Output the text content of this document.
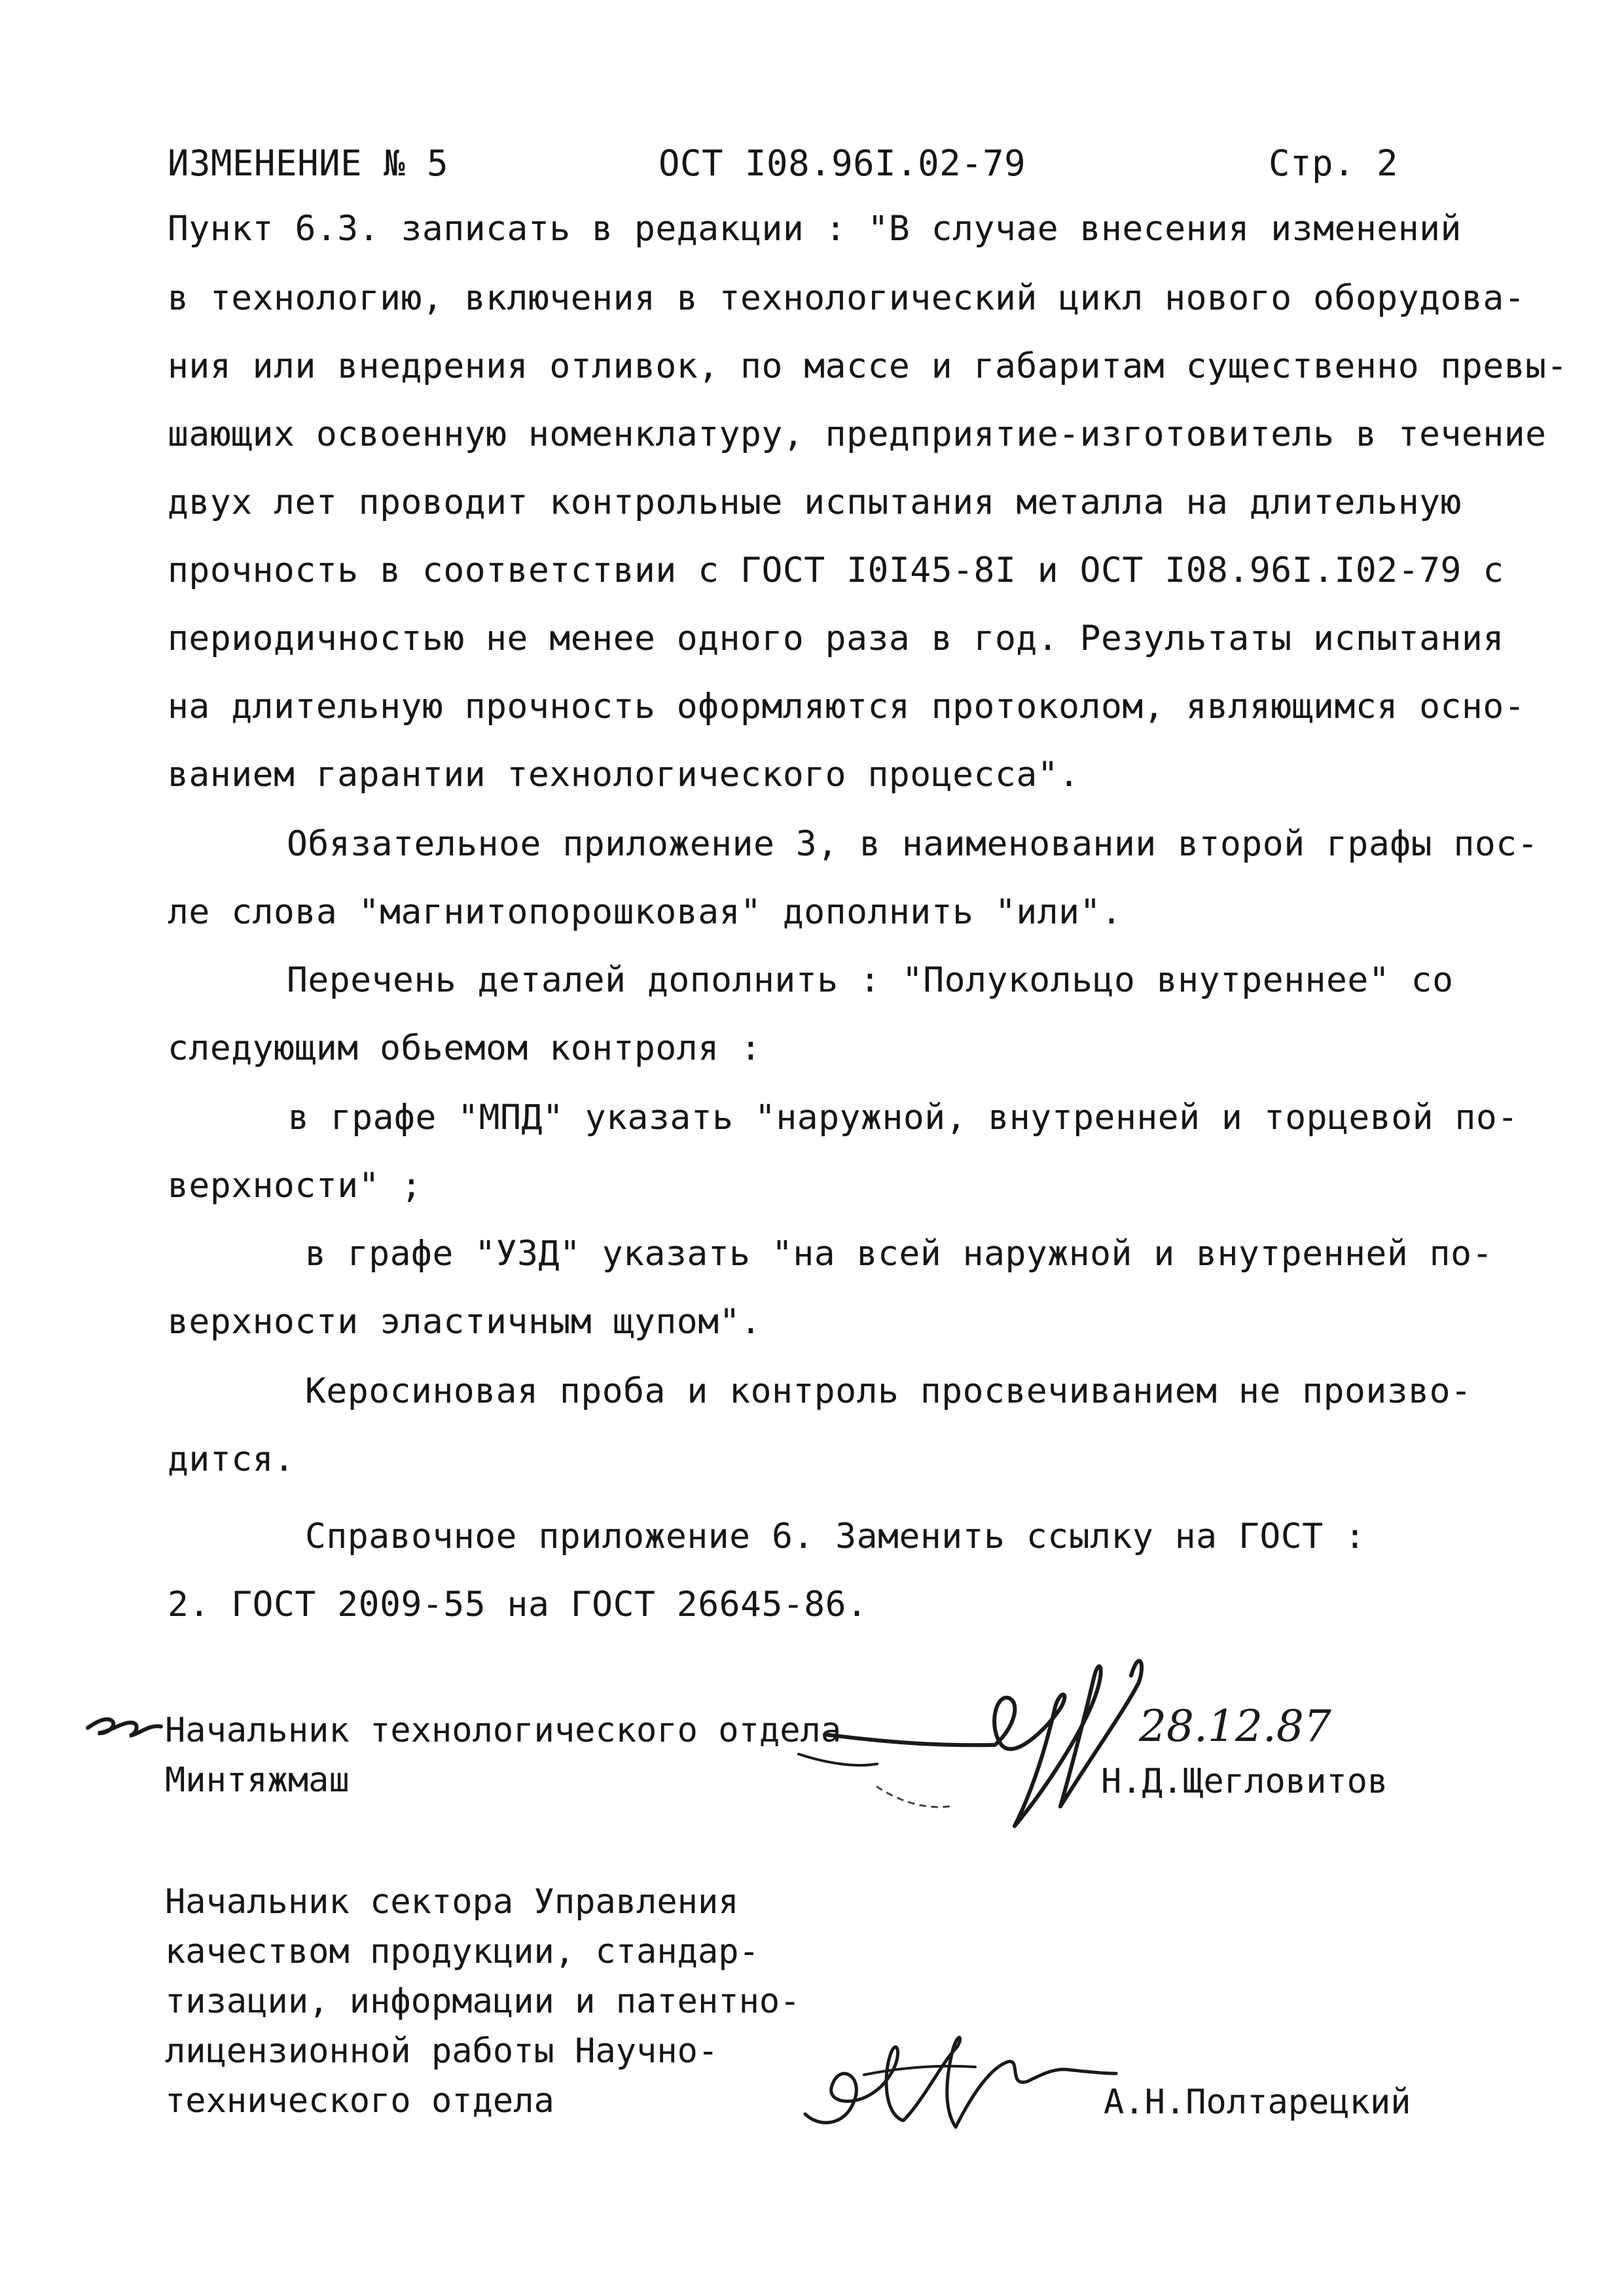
ИЗМЕНЕНИЕ № 5	ОСТ I08.96I.02-79	Стр. 2
Пункт 6.3. записать в редакции : "В случае внесения изменений
в технологию, включения в технологический цикл нового оборудова-
ния или внедрения отливок, по массе и габаритам существенно превы-
шающих освоенную номенклатуру, предприятие-изготовитель в течение
двух лет проводит контрольные испытания металла на длительную
прочность в соответствии с ГОСТ I0I45-8I и ОСТ I08.96I.I02-79 с
периодичностью не менее одного раза в год. Результаты испытания
на длительную прочность оформляются протоколом, являющимся осно-
ванием гарантии технологического процесса".
Обязательное приложение 3, в наименовании второй графы пос-
ле слова "магнитопорошковая" дополнить "или".
Перечень деталей дополнить : "Полукольцо внутреннее" со
следующим обьемом контроля :
в графе "МПД" указать "наружной, внутренней и торцевой по-
верхности" ;
в графе "УЗД" указать "на всей наружной и внутренней по-
верхности эластичным щупом".
Керосиновая проба и контроль просвечиванием не произво-
дится.
Справочное приложение 6. Заменить ссылку на ГОСТ :
2. ГОСТ 2009-55 на ГОСТ 26645-86.
Начальник технологического отдела
Минтяжмаш	Н.Д.Щегловитов
28.12.87
Начальник сектора Управления
качеством продукции, стандар-
тизации, информации и патентно-
лицензионной работы Научно-
технического отдела	А.Н.Полтарецкий
